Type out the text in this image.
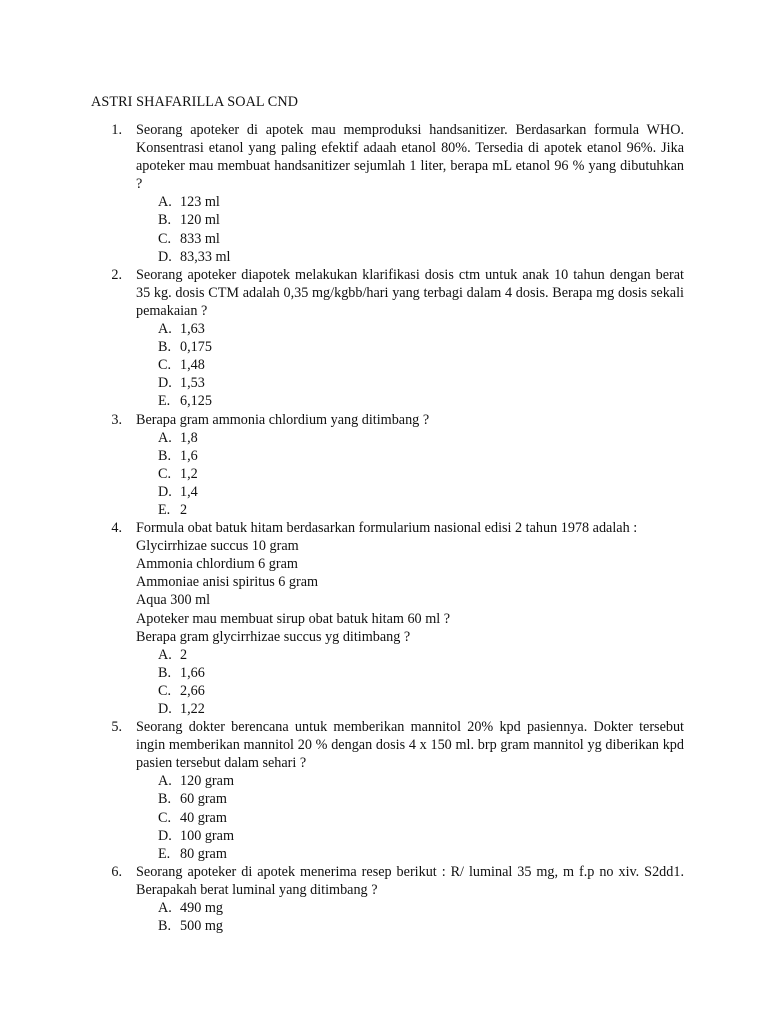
ASTRI SHAFARILLA SOAL CND
1. Seorang apoteker di apotek mau memproduksi handsanitizer. Berdasarkan formula WHO. Konsentrasi etanol yang paling efektif adaah etanol 80%. Tersedia di apotek etanol 96%. Jika apoteker mau membuat handsanitizer sejumlah 1 liter, berapa mL etanol 96 % yang dibutuhkan ?
A. 123 ml
B. 120 ml
C. 833 ml
D. 83,33 ml
2. Seorang apoteker diapotek melakukan klarifikasi dosis ctm untuk anak 10 tahun dengan berat 35 kg. dosis CTM adalah 0,35 mg/kgbb/hari yang terbagi dalam 4 dosis. Berapa mg dosis sekali pemakaian ?
A. 1,63
B. 0,175
C. 1,48
D. 1,53
E. 6,125
3. Berapa gram ammonia chlordium yang ditimbang ?
A. 1,8
B. 1,6
C. 1,2
D. 1,4
E. 2
4. Formula obat batuk hitam berdasarkan formularium nasional edisi 2 tahun 1978 adalah :
Glycirrhizae succus 10 gram
Ammonia chlordium 6 gram
Ammoniae anisi spiritus 6 gram
Aqua 300 ml
Apoteker mau membuat sirup obat batuk hitam 60 ml ?
Berapa gram glycirrhizae succus yg ditimbang ?
A. 2
B. 1,66
C. 2,66
D. 1,22
5. Seorang dokter berencana untuk memberikan mannitol 20% kpd pasiennya. Dokter tersebut ingin memberikan mannitol 20 % dengan dosis 4 x 150 ml. brp gram mannitol yg diberikan kpd pasien tersebut dalam sehari ?
A. 120 gram
B. 60 gram
C. 40 gram
D. 100 gram
E. 80 gram
6. Seorang apoteker di apotek menerima resep berikut : R/ luminal 35 mg, m f.p no xiv. S2dd1. Berapakah berat luminal yang ditimbang ?
A. 490 mg
B. 500 mg
